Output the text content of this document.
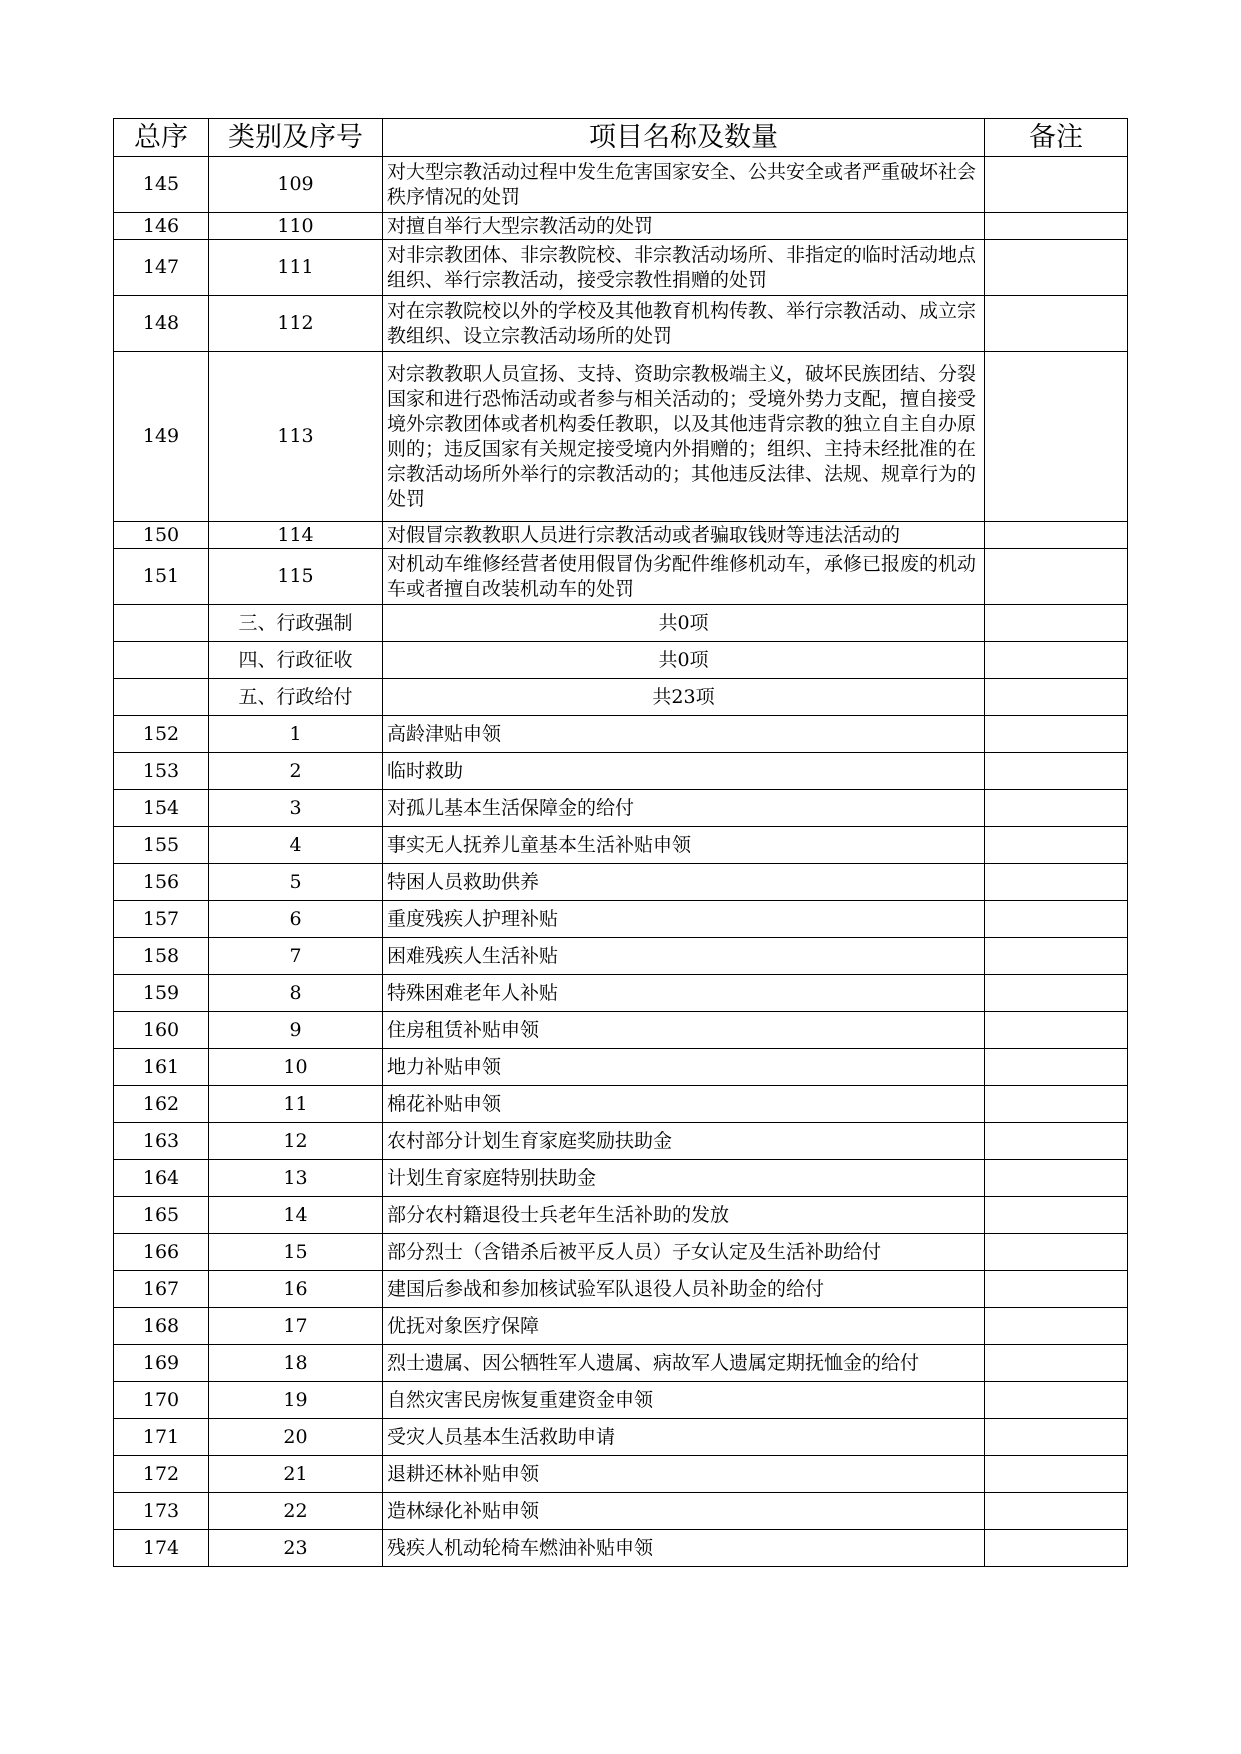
总序	类别及序号	项目名称及数量	备注
145	109	对大型宗教活动过程中发生危害国家安全、公共安全或者严重破坏社会秩序情况的处罚	
146	110	对擅自举行大型宗教活动的处罚	
147	111	对非宗教团体、非宗教院校、非宗教活动场所、非指定的临时活动地点组织、举行宗教活动，接受宗教性捐赠的处罚	
148	112	对在宗教院校以外的学校及其他教育机构传教、举行宗教活动、成立宗教组织、设立宗教活动场所的处罚	
149	113	对宗教教职人员宣扬、支持、资助宗教极端主义，破坏民族团结、分裂国家和进行恐怖活动或者参与相关活动的；受境外势力支配，擅自接受境外宗教团体或者机构委任教职，以及其他违背宗教的独立自主自办原则的；违反国家有关规定接受境内外捐赠的；组织、主持未经批准的在宗教活动场所外举行的宗教活动的；其他违反法律、法规、规章行为的处罚	
150	114	对假冒宗教教职人员进行宗教活动或者骗取钱财等违法活动的	

151	115	对机动车维修经营者使用假冒伪劣配件维修机动车，承修已报废的机动车或者擅自改装机动车的处罚	
	三、行政强制	共0项	
	四、行政征收	共0项	
	五、行政给付	共23项	
152	1	高龄津贴申领	

153	2	临时救助	

154	3	对孤儿基本生活保障金的给付	

155	4	事实无人抚养儿童基本生活补贴申领	

156	5	特困人员救助供养	

157	6	重度残疾人护理补贴	

158	7	困难残疾人生活补贴	

159	8	特殊困难老年人补贴	

160	9	住房租赁补贴申领	

161	10	地力补贴申领	

162	11	棉花补贴申领	

163	12	农村部分计划生育家庭奖励扶助金	

164	13	计划生育家庭特别扶助金	

165	14	部分农村籍退役士兵老年生活补助的发放	

166	15	部分烈士（含错杀后被平反人员）子女认定及生活补助给付	

167	16	建国后参战和参加核试验军队退役人员补助金的给付	

168	17	优抚对象医疗保障	

169	18	烈士遗属、因公牺牲军人遗属、病故军人遗属定期抚恤金的给付	

170	19	自然灾害民房恢复重建资金申领	

171	20	受灾人员基本生活救助申请	

172	21	退耕还林补贴申领	

173	22	造林绿化补贴申领	

174	23	残疾人机动轮椅车燃油补贴申领	
